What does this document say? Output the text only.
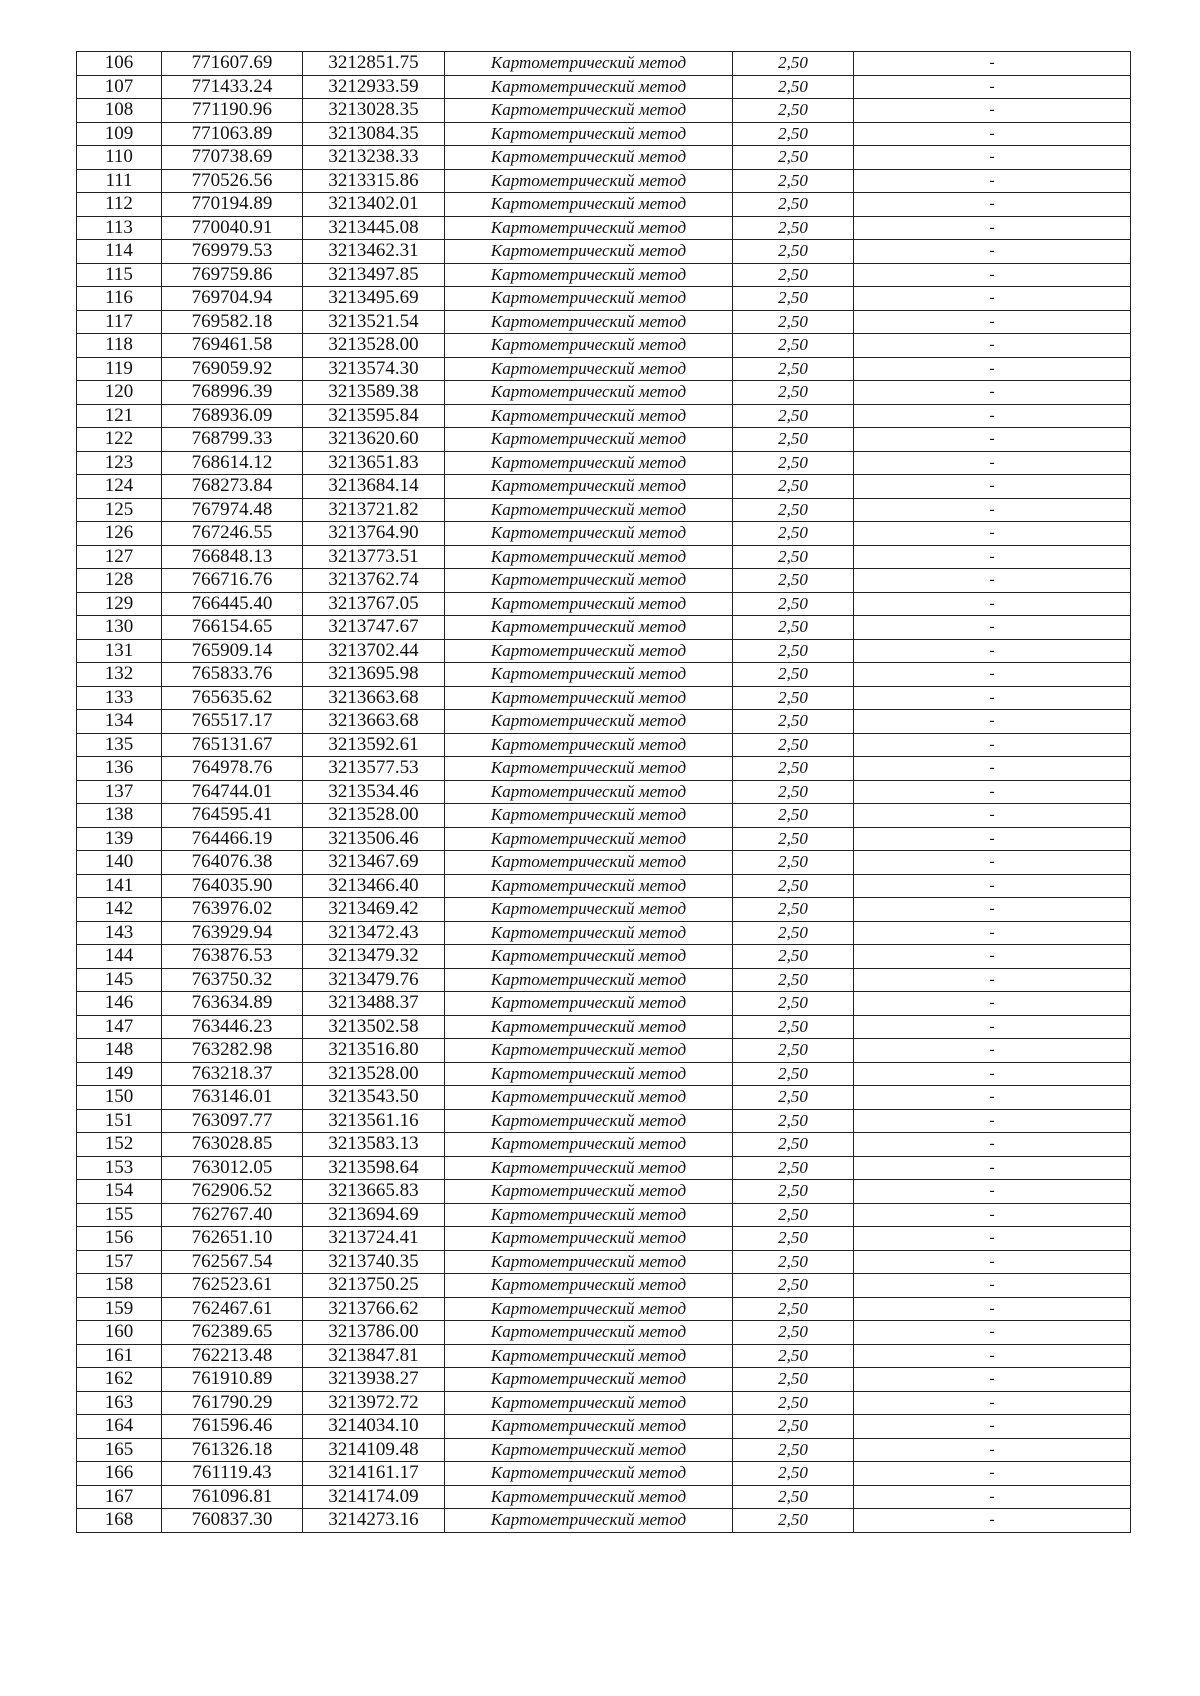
106	771607.69	3212851.75	Картометрический метод	2,50	-
107	771433.24	3212933.59	Картометрический метод	2,50	-
108	771190.96	3213028.35	Картометрический метод	2,50	-
109	771063.89	3213084.35	Картометрический метод	2,50	-
110	770738.69	3213238.33	Картометрический метод	2,50	-
111	770526.56	3213315.86	Картометрический метод	2,50	-
112	770194.89	3213402.01	Картометрический метод	2,50	-
113	770040.91	3213445.08	Картометрический метод	2,50	-
114	769979.53	3213462.31	Картометрический метод	2,50	-
115	769759.86	3213497.85	Картометрический метод	2,50	-
116	769704.94	3213495.69	Картометрический метод	2,50	-
117	769582.18	3213521.54	Картометрический метод	2,50	-
118	769461.58	3213528.00	Картометрический метод	2,50	-
119	769059.92	3213574.30	Картометрический метод	2,50	-
120	768996.39	3213589.38	Картометрический метод	2,50	-
121	768936.09	3213595.84	Картометрический метод	2,50	-
122	768799.33	3213620.60	Картометрический метод	2,50	-
123	768614.12	3213651.83	Картометрический метод	2,50	-
124	768273.84	3213684.14	Картометрический метод	2,50	-
125	767974.48	3213721.82	Картометрический метод	2,50	-
126	767246.55	3213764.90	Картометрический метод	2,50	-
127	766848.13	3213773.51	Картометрический метод	2,50	-
128	766716.76	3213762.74	Картометрический метод	2,50	-
129	766445.40	3213767.05	Картометрический метод	2,50	-
130	766154.65	3213747.67	Картометрический метод	2,50	-
131	765909.14	3213702.44	Картометрический метод	2,50	-
132	765833.76	3213695.98	Картометрический метод	2,50	-
133	765635.62	3213663.68	Картометрический метод	2,50	-
134	765517.17	3213663.68	Картометрический метод	2,50	-
135	765131.67	3213592.61	Картометрический метод	2,50	-
136	764978.76	3213577.53	Картометрический метод	2,50	-
137	764744.01	3213534.46	Картометрический метод	2,50	-
138	764595.41	3213528.00	Картометрический метод	2,50	-
139	764466.19	3213506.46	Картометрический метод	2,50	-
140	764076.38	3213467.69	Картометрический метод	2,50	-
141	764035.90	3213466.40	Картометрический метод	2,50	-
142	763976.02	3213469.42	Картометрический метод	2,50	-
143	763929.94	3213472.43	Картометрический метод	2,50	-
144	763876.53	3213479.32	Картометрический метод	2,50	-
145	763750.32	3213479.76	Картометрический метод	2,50	-
146	763634.89	3213488.37	Картометрический метод	2,50	-
147	763446.23	3213502.58	Картометрический метод	2,50	-
148	763282.98	3213516.80	Картометрический метод	2,50	-
149	763218.37	3213528.00	Картометрический метод	2,50	-
150	763146.01	3213543.50	Картометрический метод	2,50	-
151	763097.77	3213561.16	Картометрический метод	2,50	-
152	763028.85	3213583.13	Картометрический метод	2,50	-
153	763012.05	3213598.64	Картометрический метод	2,50	-
154	762906.52	3213665.83	Картометрический метод	2,50	-
155	762767.40	3213694.69	Картометрический метод	2,50	-
156	762651.10	3213724.41	Картометрический метод	2,50	-
157	762567.54	3213740.35	Картометрический метод	2,50	-
158	762523.61	3213750.25	Картометрический метод	2,50	-
159	762467.61	3213766.62	Картометрический метод	2,50	-
160	762389.65	3213786.00	Картометрический метод	2,50	-
161	762213.48	3213847.81	Картометрический метод	2,50	-
162	761910.89	3213938.27	Картометрический метод	2,50	-
163	761790.29	3213972.72	Картометрический метод	2,50	-
164	761596.46	3214034.10	Картометрический метод	2,50	-
165	761326.18	3214109.48	Картометрический метод	2,50	-
166	761119.43	3214161.17	Картометрический метод	2,50	-
167	761096.81	3214174.09	Картометрический метод	2,50	-
168	760837.30	3214273.16	Картометрический метод	2,50	-
